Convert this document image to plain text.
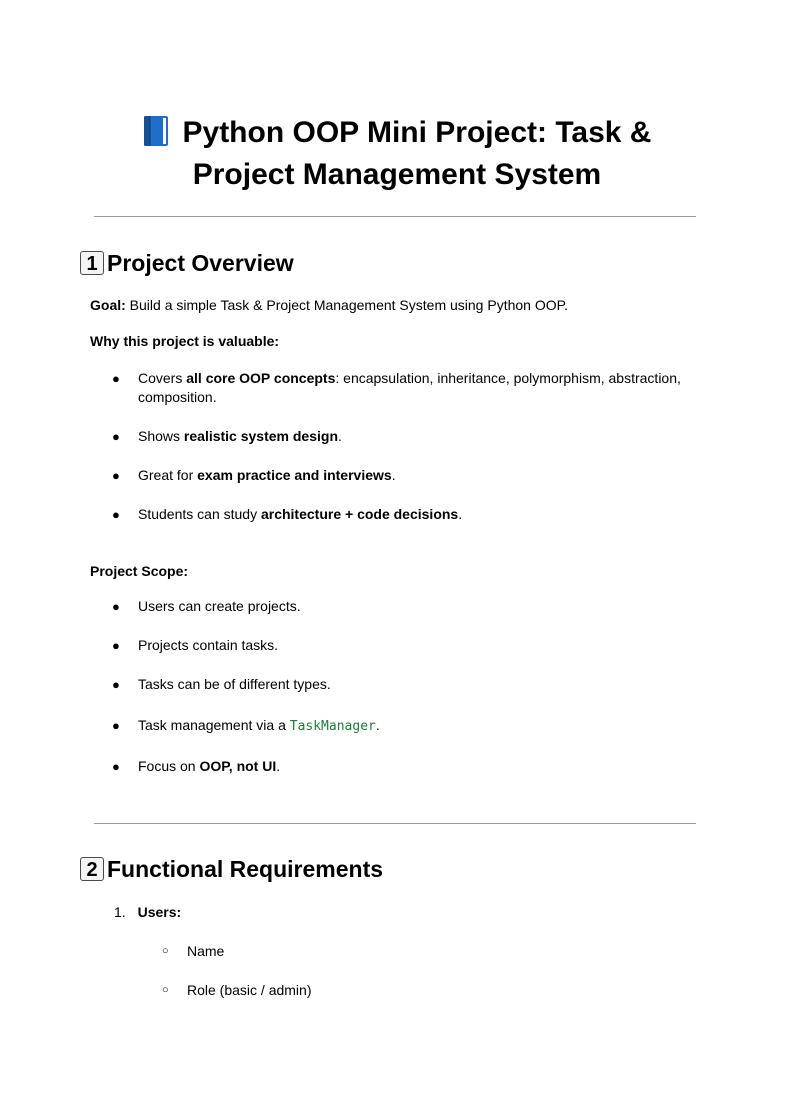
Python OOP Mini Project: Task &
Project Management System
1 Project Overview
Goal: Build a simple Task & Project Management System using Python OOP.
Why this project is valuable:
● Covers all core OOP concepts: encapsulation, inheritance, polymorphism, abstraction, composition.
● Shows realistic system design.
● Great for exam practice and interviews.
● Students can study architecture + code decisions.
Project Scope:
● Users can create projects.
● Projects contain tasks.
● Tasks can be of different types.
● Task management via a TaskManager.
● Focus on OOP, not UI.
2 Functional Requirements
1. Users:
○ Name
○ Role (basic / admin)
